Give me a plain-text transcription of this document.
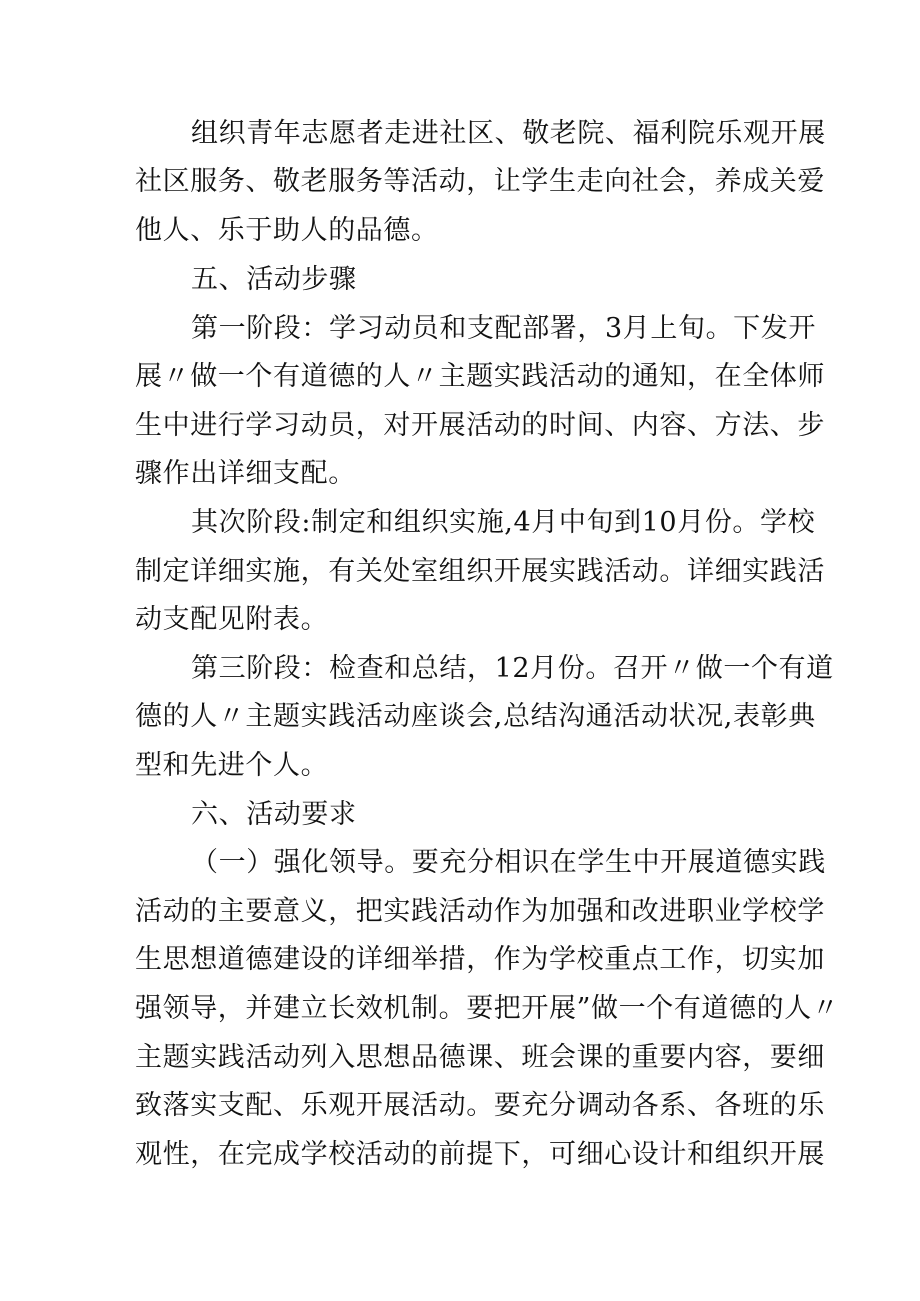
组织青年志愿者走进社区、敬老院、福利院乐观开展
社区服务、敬老服务等活动，让学生走向社会，养成关爱
他人、乐于助人的品德。
五、活动步骤
第一阶段：学习动员和支配部署，3月上旬。下发开
展〃做一个有道德的人〃主题实践活动的通知，在全体师
生中进行学习动员，对开展活动的时间、内容、方法、步
骤作出详细支配。
其次阶段:制定和组织实施,4月中旬到10月份。学校
制定详细实施，有关处室组织开展实践活动。详细实践活
动支配见附表。
第三阶段：检查和总结，12月份。召开〃做一个有道
德的人〃主题实践活动座谈会,总结沟通活动状况,表彰典
型和先进个人。
六、活动要求
（一）强化领导。要充分相识在学生中开展道德实践
活动的主要意义，把实践活动作为加强和改进职业学校学
生思想道德建设的详细举措，作为学校重点工作，切实加
强领导，并建立长效机制。要把开展”做一个有道德的人〃
主题实践活动列入思想品德课、班会课的重要内容，要细
致落实支配、乐观开展活动。要充分调动各系、各班的乐
观性，在完成学校活动的前提下，可细心设计和组织开展
